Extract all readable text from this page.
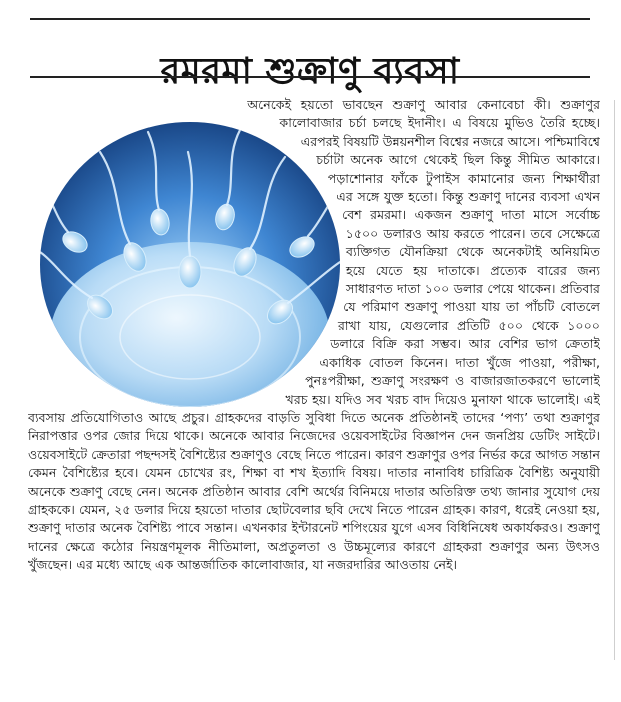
রমরমা শুক্রাণু ব্যবসা

অনেকেই হয়তো ভাবছেন শুক্রাণু আবার কেনাবেচা কী। শুক্রাণুর কালোবাজার চর্চা চলছে ইদানীং। এ বিষয়ে মুভিও তৈরি হচ্ছে। এরপরই বিষয়টি উন্নয়নশীল বিশ্বের নজরে আসে। পশ্চিমাবিশ্বে চর্চাটা অনেক আগে থেকেই ছিল কিন্তু সীমিত আকারে। পড়াশোনার ফাঁকে টুপাইস কামানোর জন্য শিক্ষার্থীরা এর সঙ্গে যুক্ত হতো। কিন্তু শুক্রাণু দানের ব্যবসা এখন বেশ রমরমা। একজন শুক্রাণু দাতা মাসে সর্বোচ্চ ১৫০০ ডলারও আয় করতে পারেন। তবে সেক্ষেত্রে ব্যক্তিগত যৌনক্রিয়া থেকে অনেকটাই অনিয়মিত হয়ে যেতে হয় দাতাকে। প্রত্যেক বারের জন্য সাধারণত দাতা ১০০ ডলার পেয়ে থাকেন। প্রতিবার যে পরিমাণ শুক্রাণু পাওয়া যায় তা পাঁচটি বোতলে রাখা যায়, যেগুলোর প্রতিটি ৫০০ থেকে ১০০০ ডলারে বিক্রি করা সম্ভব। আর বেশির ভাগ ক্রেতাই একাধিক বোতল কিনেন। দাতা খুঁজে পাওয়া, পরীক্ষা, পুনঃপরীক্ষা, শুক্রাণু সংরক্ষণ ও বাজারজাতকরণে ভালোই খরচ হয়। যদিও সব খরচ বাদ দিয়েও মুনাফা থাকে ভালোই। এই ব্যবসায় প্রতিযোগিতাও আছে প্রচুর। গ্রাহকদের বাড়তি সুবিধা দিতে অনেক প্রতিষ্ঠানই তাদের ‘পণ্য’ তথা শুক্রাণুর নিরাপত্তার ওপর জোর দিয়ে থাকে। অনেকে আবার নিজেদের ওয়েবসাইটের বিজ্ঞাপন দেন জনপ্রিয় ডেটিং সাইটে। ওয়েবসাইটে ক্রেতারা পছন্দসই বৈশিষ্ট্যের শুক্রাণুও বেছে নিতে পারেন। কারণ শুক্রাণুর ওপর নির্ভর করে আগত সন্তান কেমন বৈশিষ্ট্যের হবে। যেমন চোখের রং, শিক্ষা বা শখ ইত্যাদি বিষয়। দাতার নানাবিধ চারিত্রিক বৈশিষ্ট্য অনুযায়ী অনেকে শুক্রাণু বেছে নেন। অনেক প্রতিষ্ঠান আবার বেশি অর্থের বিনিময়ে দাতার অতিরিক্ত তথ্য জানার সুযোগ দেয় গ্রাহককে। যেমন, ২৫ ডলার দিয়ে হয়তো দাতার ছোটবেলার ছবি দেখে নিতে পারেন গ্রাহক। কারণ, ধরেই নেওয়া হয়, শুক্রাণু দাতার অনেক বৈশিষ্ট্য পাবে সন্তান। এখনকার ইন্টারনেট শপিংয়ের যুগে এসব বিধিনিষেধ অকার্যকরও। শুক্রাণু দানের ক্ষেত্রে কঠোর নিয়ন্ত্রণমূলক নীতিমালা, অপ্রতুলতা ও উচ্চমূল্যের কারণে গ্রাহকরা শুক্রাণুর অন্য উৎসও খুঁজছেন। এর মধ্যে আছে এক আন্তর্জাতিক কালোবাজার, যা নজরদারির আওতায় নেই।
